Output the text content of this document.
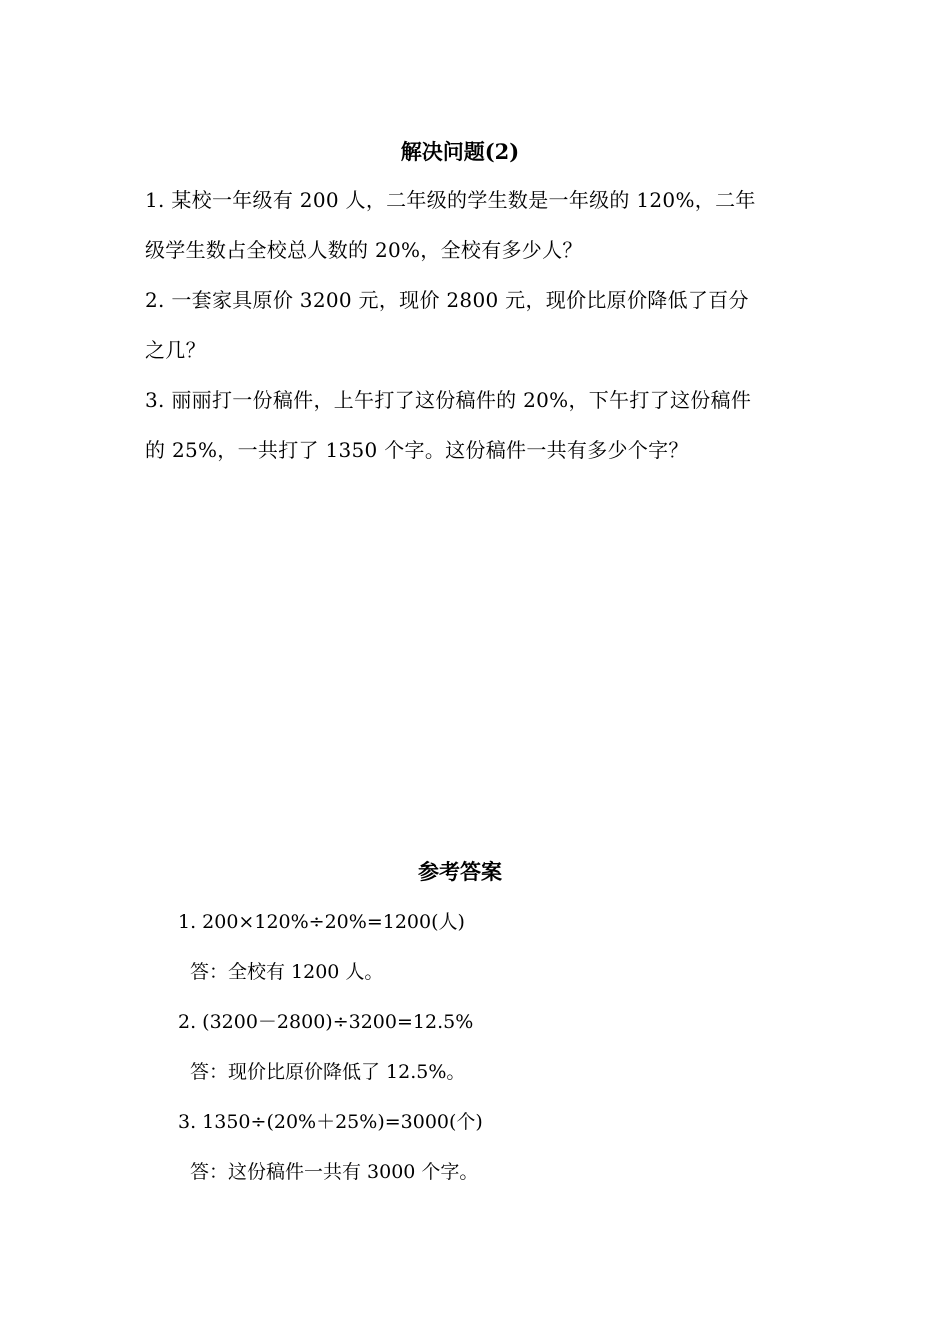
解决问题(2)
1. 某校一年级有 200 人，二年级的学生数是一年级的 120%，二年级学生数占全校总人数的 20%，全校有多少人？
2. 一套家具原价 3200 元，现价 2800 元，现价比原价降低了百分之几？
3. 丽丽打一份稿件，上午打了这份稿件的 20%，下午打了这份稿件的 25%，一共打了 1350 个字。这份稿件一共有多少个字？
参考答案
1. 200×120%÷20%=1200(人)
答：全校有 1200 人。
2. (3200－2800)÷3200=12.5%
答：现价比原价降低了 12.5%。
3. 1350÷(20%＋25%)=3000(个)
答：这份稿件一共有 3000 个字。
